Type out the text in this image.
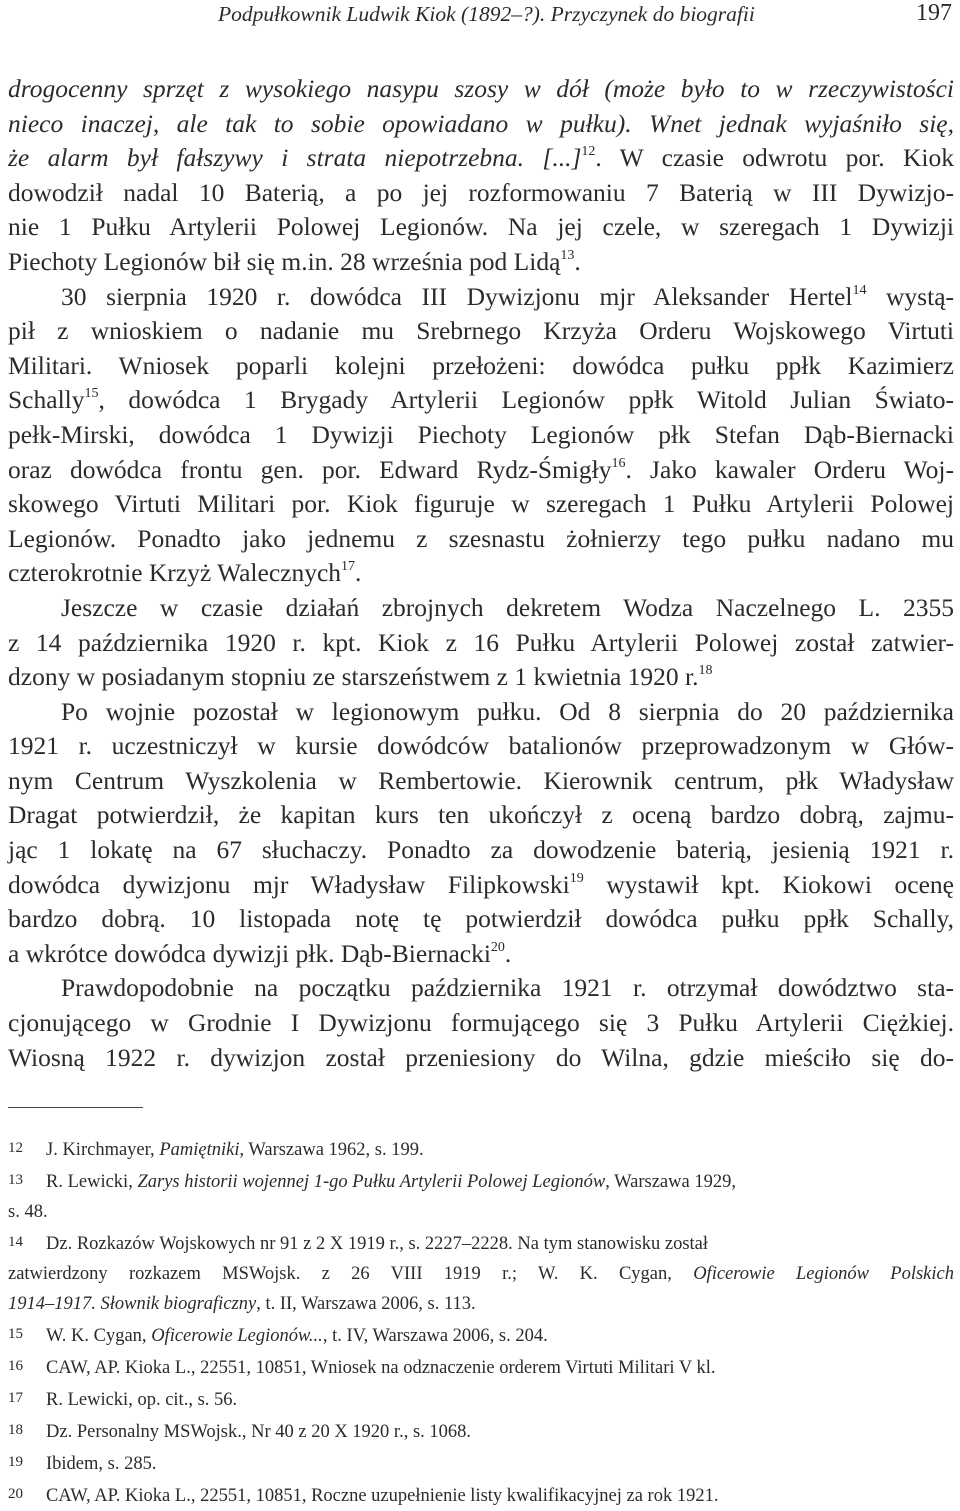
Podpułkownik Ludwik Kiok (1892–?). Przyczynek do biografii	197
drogocenny sprzęt z wysokiego nasypu szosy w dół (może było to w rzeczywistości
nieco inaczej, ale tak to sobie opowiadano w pułku). Wnet jednak wyjaśniło się,
że alarm był fałszywy i strata niepotrzebna. [...]$^{12}$. W czasie odwrotu por. Kiok
dowodził nadal 10 Baterią, a po jej rozformowaniu 7 Baterią w III Dywizjo-
nie 1 Pułku Artylerii Polowej Legionów. Na jej czele, w szeregach 1 Dywizji
Piechoty Legionów bił się m.in. 28 września pod Lidą$^{13}$.
30 sierpnia 1920 r. dowódca III Dywizjonu mjr Aleksander Hertel$^{14}$ wystą-
pił z wnioskiem o nadanie mu Srebrnego Krzyża Orderu Wojskowego Virtuti
Militari. Wniosek poparli kolejni przełożeni: dowódca pułku ppłk Kazimierz
Schally$^{15}$, dowódca 1 Brygady Artylerii Legionów ppłk Witold Julian Świato-
pełk-Mirski, dowódca 1 Dywizji Piechoty Legionów płk Stefan Dąb-Biernacki
oraz dowódca frontu gen. por. Edward Rydz-Śmigły$^{16}$. Jako kawaler Orderu Woj-
skowego Virtuti Militari por. Kiok figuruje w szeregach 1 Pułku Artylerii Polowej
Legionów. Ponadto jako jednemu z szesnastu żołnierzy tego pułku nadano mu
czterokrotnie Krzyż Walecznych$^{17}$.
Jeszcze w czasie działań zbrojnych dekretem Wodza Naczelnego L. 2355
z 14 października 1920 r. kpt. Kiok z 16 Pułku Artylerii Polowej został zatwier-
dzony w posiadanym stopniu ze starszeństwem z 1 kwietnia 1920 r.$^{18}$
Po wojnie pozostał w legionowym pułku. Od 8 sierpnia do 20 października
1921 r. uczestniczył w kursie dowódców batalionów przeprowadzonym w Głów-
nym Centrum Wyszkolenia w Rembertowie. Kierownik centrum, płk Władysław
Dragat potwierdził, że kapitan kurs ten ukończył z oceną bardzo dobrą, zajmu-
jąc 1 lokatę na 67 słuchaczy. Ponadto za dowodzenie baterią, jesienią 1921 r.
dowódca dywizjonu mjr Władysław Filipkowski$^{19}$ wystawił kpt. Kiokowi ocenę
bardzo dobrą. 10 listopada notę tę potwierdził dowódca pułku ppłk Schally,
a wkrótce dowódca dywizji płk. Dąb-Biernacki$^{20}$.
Prawdopodobnie na początku października 1921 r. otrzymał dowództwo sta-
cjonującego w Grodnie I Dywizjonu formującego się 3 Pułku Artylerii Ciężkiej.
Wiosną 1922 r. dywizjon został przeniesiony do Wilna, gdzie mieściło się do-
12 J. Kirchmayer, Pamiętniki, Warszawa 1962, s. 199.
13 R. Lewicki, Zarys historii wojennej 1-go Pułku Artylerii Polowej Legionów, Warszawa 1929,
s. 48.
14 Dz. Rozkazów Wojskowych nr 91 z 2 X 1919 r., s. 2227–2228. Na tym stanowisku został
zatwierdzony rozkazem MSWojsk. z 26 VIII 1919 r.; W. K. Cygan, Oficerowie Legionów Polskich
1914–1917. Słownik biograficzny, t. II, Warszawa 2006, s. 113.
15 W. K. Cygan, Oficerowie Legionów..., t. IV, Warszawa 2006, s. 204.
16 CAW, AP. Kioka L., 22551, 10851, Wniosek na odznaczenie orderem Virtuti Militari V kl.
17 R. Lewicki, op. cit., s. 56.
18 Dz. Personalny MSWojsk., Nr 40 z 20 X 1920 r., s. 1068.
19 Ibidem, s. 285.
20 CAW, AP. Kioka L., 22551, 10851, Roczne uzupełnienie listy kwalifikacyjnej za rok 1921.
